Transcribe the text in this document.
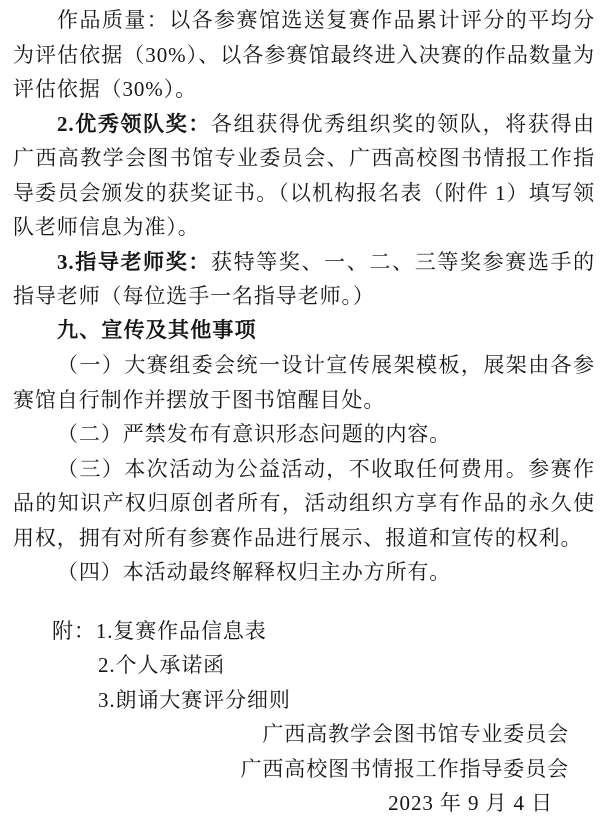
作品质量：以各参赛馆选送复赛作品累计评分的平均分为评估依据（30%）、以各参赛馆最终进入决赛的作品数量为评估依据（30%）。

2.优秀领队奖：各组获得优秀组织奖的领队，将获得由广西高教学会图书馆专业委员会、广西高校图书情报工作指导委员会颁发的获奖证书。（以机构报名表（附件 1）填写领队老师信息为准）。

3.指导老师奖：获特等奖、一、二、三等奖参赛选手的指导老师（每位选手一名指导老师。）

九、宣传及其他事项

（一）大赛组委会统一设计宣传展架模板，展架由各参赛馆自行制作并摆放于图书馆醒目处。

（二）严禁发布有意识形态问题的内容。

（三）本次活动为公益活动，不收取任何费用。参赛作品的知识产权归原创者所有，活动组织方享有作品的永久使用权，拥有对所有参赛作品进行展示、报道和宣传的权利。

（四）本活动最终解释权归主办方所有。

附：1.复赛作品信息表

2.个人承诺函

3.朗诵大赛评分细则

广西高教学会图书馆专业委员会

广西高校图书情报工作指导委员会

2023 年 9 月 4 日
